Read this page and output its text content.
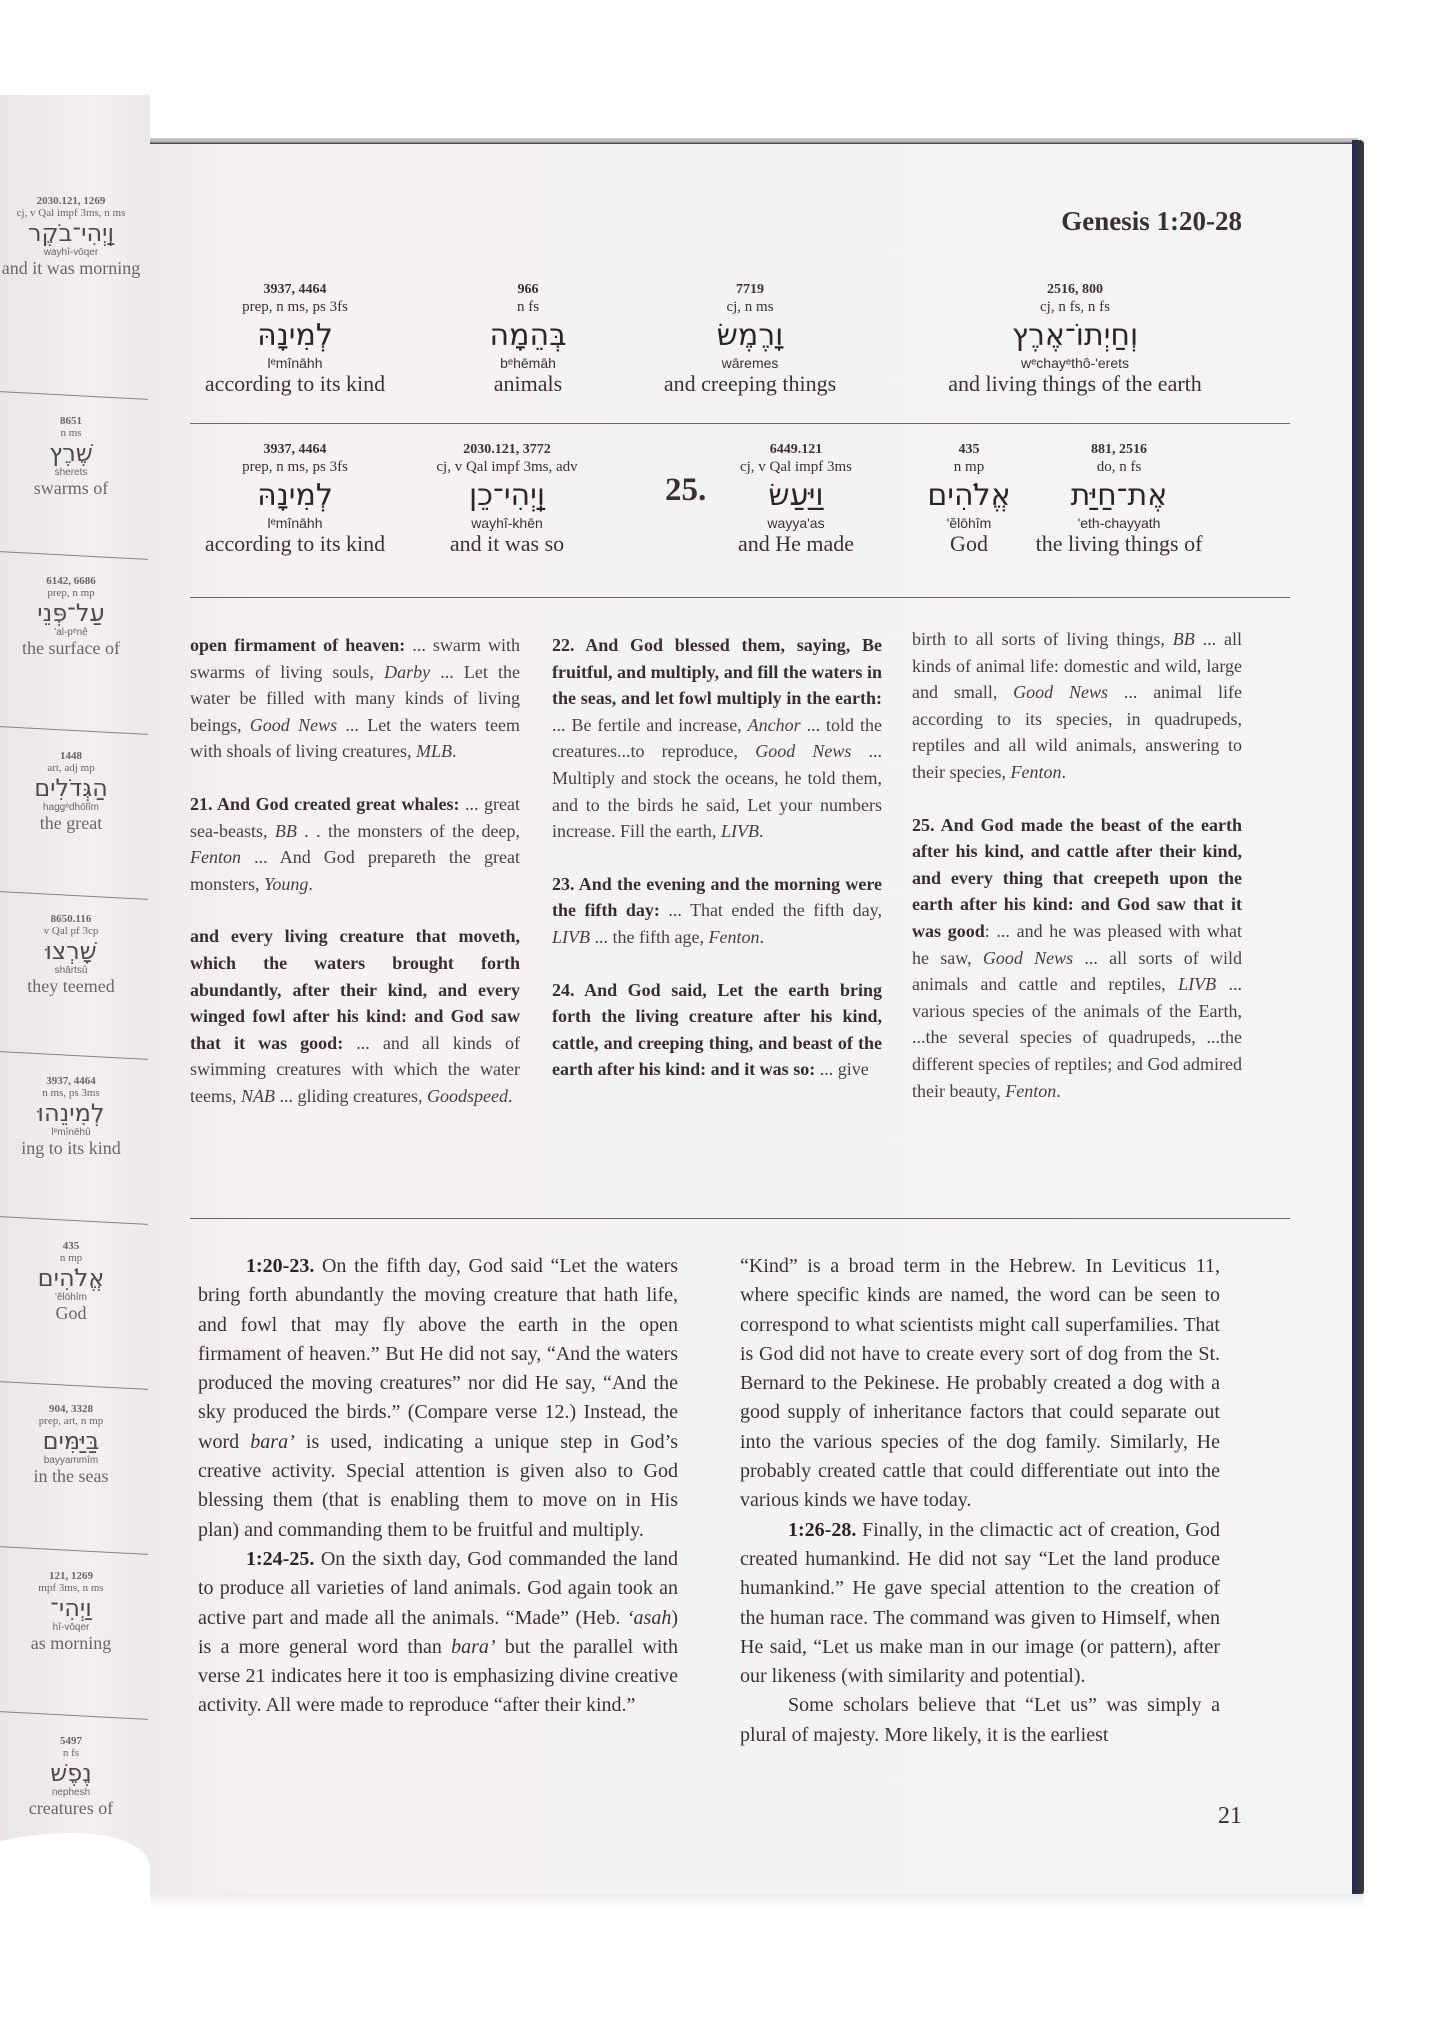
2030.121, 1269
cj, v Qal impf 3ms, n ms
וַֽיְהִי־בֹקֶר
wayhî-vōqer
and it was morning
8651
n ms
שֶׁרֶץ
sherets
swarms of
6142, 6686
prep, n mp
עַל־פְּנֵי
'al-pᵉnê
the surface of
1448
art, adj mp
הַגְּדֹלִים
haggᵉdhōlîm
the great
8650.116
v Qal pf 3cp
שָׁרְצוּ
shārtsû
they teemed
3937, 4464
n ms, ps 3ms
לְמִינֵהוּ
lᵉmînēhû
ing to its kind
435
n mp
אֱלֹהִים
'ĕlōhîm
God
904, 3328
prep, art, n mp
בַּיַּמִּים
bayyammîm
in the seas
121, 1269
mpf 3ms, n ms
וַיְהִי־
hî-vōqer
as morning
5497
n fs
נֶפֶשׁ
nephesh
creatures of
Genesis 1:20-28
3937, 4464
prep, n ms, ps 3fs
לְמִינָהּ
lᵉmînāhh
according to its kind
966
n fs
בְּהֵמָה
bᵉhēmāh
animals
7719
cj, n ms
וָרֶמֶשׂ
wāremes
and creeping things
2516, 800
cj, n fs, n fs
וְחַיְתוֹ־אֶרֶץ
wᵉchayᵉthô-'erets
and living things of the earth
3937, 4464
prep, n ms, ps 3fs
לְמִינָהּ
lᵉmînāhh
according to its kind
2030.121, 3772
cj, v Qal impf 3ms, adv
וַֽיְהִי־כֵן
wayhî-khēn
and it was so
25.
6449.121
cj, v Qal impf 3ms
וַיַּעַשׂ
wayya'as
and He made
435
n mp
אֱלֹהִים
'ĕlōhîm
God
881, 2516
do, n fs
אֶת־חַיַּת
'eth-chayyath
the living things of

open firmament of heaven: ... swarm with swarms of living souls, Darby ... Let the water be filled with many kinds of living beings, Good News ... Let the waters teem with shoals of living creatures, MLB.

21. And God created great whales: ... great sea-beasts, BB . . the monsters of the deep, Fenton ... And God prepareth the great monsters, Young.

and every living creature that moveth, which the waters brought forth abundantly, after their kind, and every winged fowl after his kind: and God saw that it was good: ... and all kinds of swimming creatures with which the water teems, NAB ... gliding creatures, Goodspeed.

22. And God blessed them, saying, Be fruitful, and multiply, and fill the waters in the seas, and let fowl multiply in the earth: ... Be fertile and increase, Anchor ... told the creatures...to reproduce, Good News ... Multiply and stock the oceans, he told them, and to the birds he said, Let your numbers increase. Fill the earth, LIVB.

23. And the evening and the morning were the fifth day: ... That ended the fifth day, LIVB ... the fifth age, Fenton.

24. And God said, Let the earth bring forth the living creature after his kind, cattle, and creeping thing, and beast of the earth after his kind: and it was so: ... give

birth to all sorts of living things, BB ... all kinds of animal life: domestic and wild, large and small, Good News ... animal life according to its species, in quadrupeds, reptiles and all wild animals, answering to their species, Fenton.

25. And God made the beast of the earth after his kind, and cattle after their kind, and every thing that creepeth upon the earth after his kind: and God saw that it was good: ... and he was pleased with what he saw, Good News ... all sorts of wild animals and cattle and reptiles, LIVB ... various species of the animals of the Earth, ...the several species of quadrupeds, ...the different species of reptiles; and God admired their beauty, Fenton.

1:20-23. On the fifth day, God said “Let the waters bring forth abundantly the moving creature that hath life, and fowl that may fly above the earth in the open firmament of heaven.” But He did not say, “And the waters produced the moving creatures” nor did He say, “And the sky produced the birds.” (Compare verse 12.) Instead, the word bara’ is used, indicating a unique step in God’s creative activity. Special attention is given also to God blessing them (that is enabling them to move on in His plan) and commanding them to be fruitful and multiply.

1:24-25. On the sixth day, God commanded the land to produce all varieties of land animals. God again took an active part and made all the animals. “Made” (Heb. ‘asah) is a more general word than bara’ but the parallel with verse 21 indicates here it too is emphasizing divine creative activity. All were made to reproduce “after their kind.”

“Kind” is a broad term in the Hebrew. In Leviticus 11, where specific kinds are named, the word can be seen to correspond to what scientists might call superfamilies. That is God did not have to create every sort of dog from the St. Bernard to the Pekinese. He probably created a dog with a good supply of inheritance factors that could separate out into the various species of the dog family. Similarly, He probably created cattle that could differentiate out into the various kinds we have today.

1:26-28. Finally, in the climactic act of creation, God created humankind. He did not say “Let the land produce humankind.” He gave special attention to the creation of the human race. The command was given to Himself, when He said, “Let us make man in our image (or pattern), after our likeness (with similarity and potential).

Some scholars believe that “Let us” was simply a plural of majesty. More likely, it is the earliest

21
